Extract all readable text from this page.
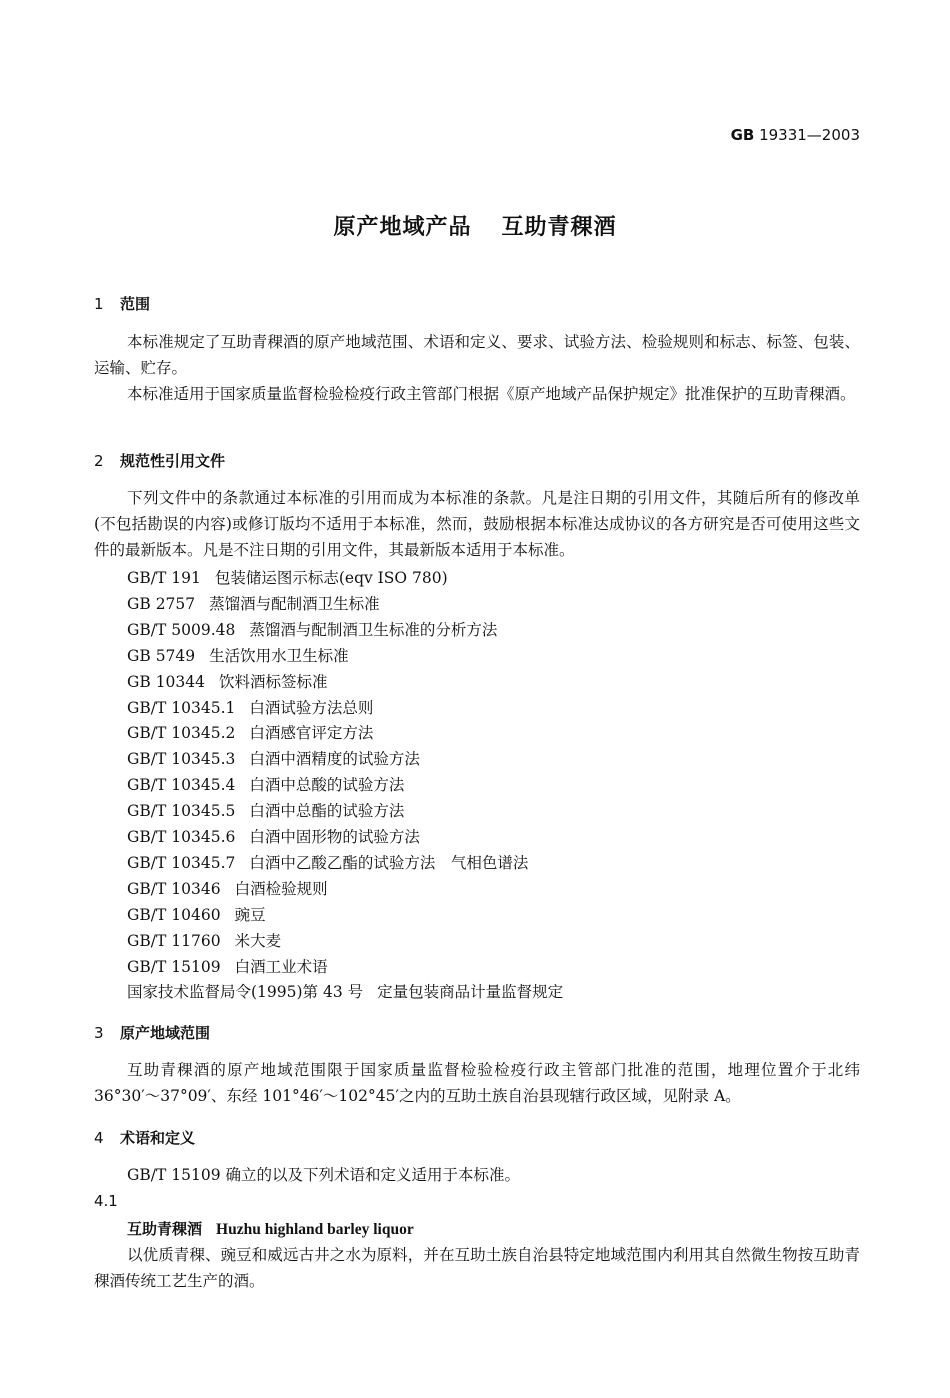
GB 19331—2003
原产地域产品 互助青稞酒
1 范围

本标准规定了互助青稞酒的原产地域范围、术语和定义、要求、试验方法、检验规则和标志、标签、包装、运输、贮存。

本标准适用于国家质量监督检验检疫行政主管部门根据《原产地域产品保护规定》批准保护的互助青稞酒。

2 规范性引用文件

下列文件中的条款通过本标准的引用而成为本标准的条款。凡是注日期的引用文件，其随后所有的修改单(不包括勘误的内容)或修订版均不适用于本标准，然而，鼓励根据本标准达成协议的各方研究是否可使用这些文件的最新版本。凡是不注日期的引用文件，其最新版本适用于本标准。

GB/T 191 包装储运图示标志(eqv ISO 780)
GB 2757 蒸馏酒与配制酒卫生标准
GB/T 5009.48 蒸馏酒与配制酒卫生标准的分析方法
GB 5749 生活饮用水卫生标准
GB 10344 饮料酒标签标准
GB/T 10345.1 白酒试验方法总则
GB/T 10345.2 白酒感官评定方法
GB/T 10345.3 白酒中酒精度的试验方法
GB/T 10345.4 白酒中总酸的试验方法
GB/T 10345.5 白酒中总酯的试验方法
GB/T 10345.6 白酒中固形物的试验方法
GB/T 10345.7 白酒中乙酸乙酯的试验方法　气相色谱法
GB/T 10346 白酒检验规则
GB/T 10460 豌豆
GB/T 11760 米大麦
GB/T 15109 白酒工业术语
国家技术监督局令(1995)第 43 号 定量包装商品计量监督规定
3 原产地域范围

互助青稞酒的原产地域范围限于国家质量监督检验检疫行政主管部门批准的范围，地理位置介于北纬 36°30′～37°09′、东经 101°46′～102°45′之内的互助土族自治县现辖行政区域，见附录 A。

4 术语和定义

GB/T 15109 确立的以及下列术语和定义适用于本标准。

4.1
互助青稞酒 Huzhu highland barley liquor

以优质青稞、豌豆和威远古井之水为原料，并在互助土族自治县特定地域范围内利用其自然微生物按互助青稞酒传统工艺生产的酒。
